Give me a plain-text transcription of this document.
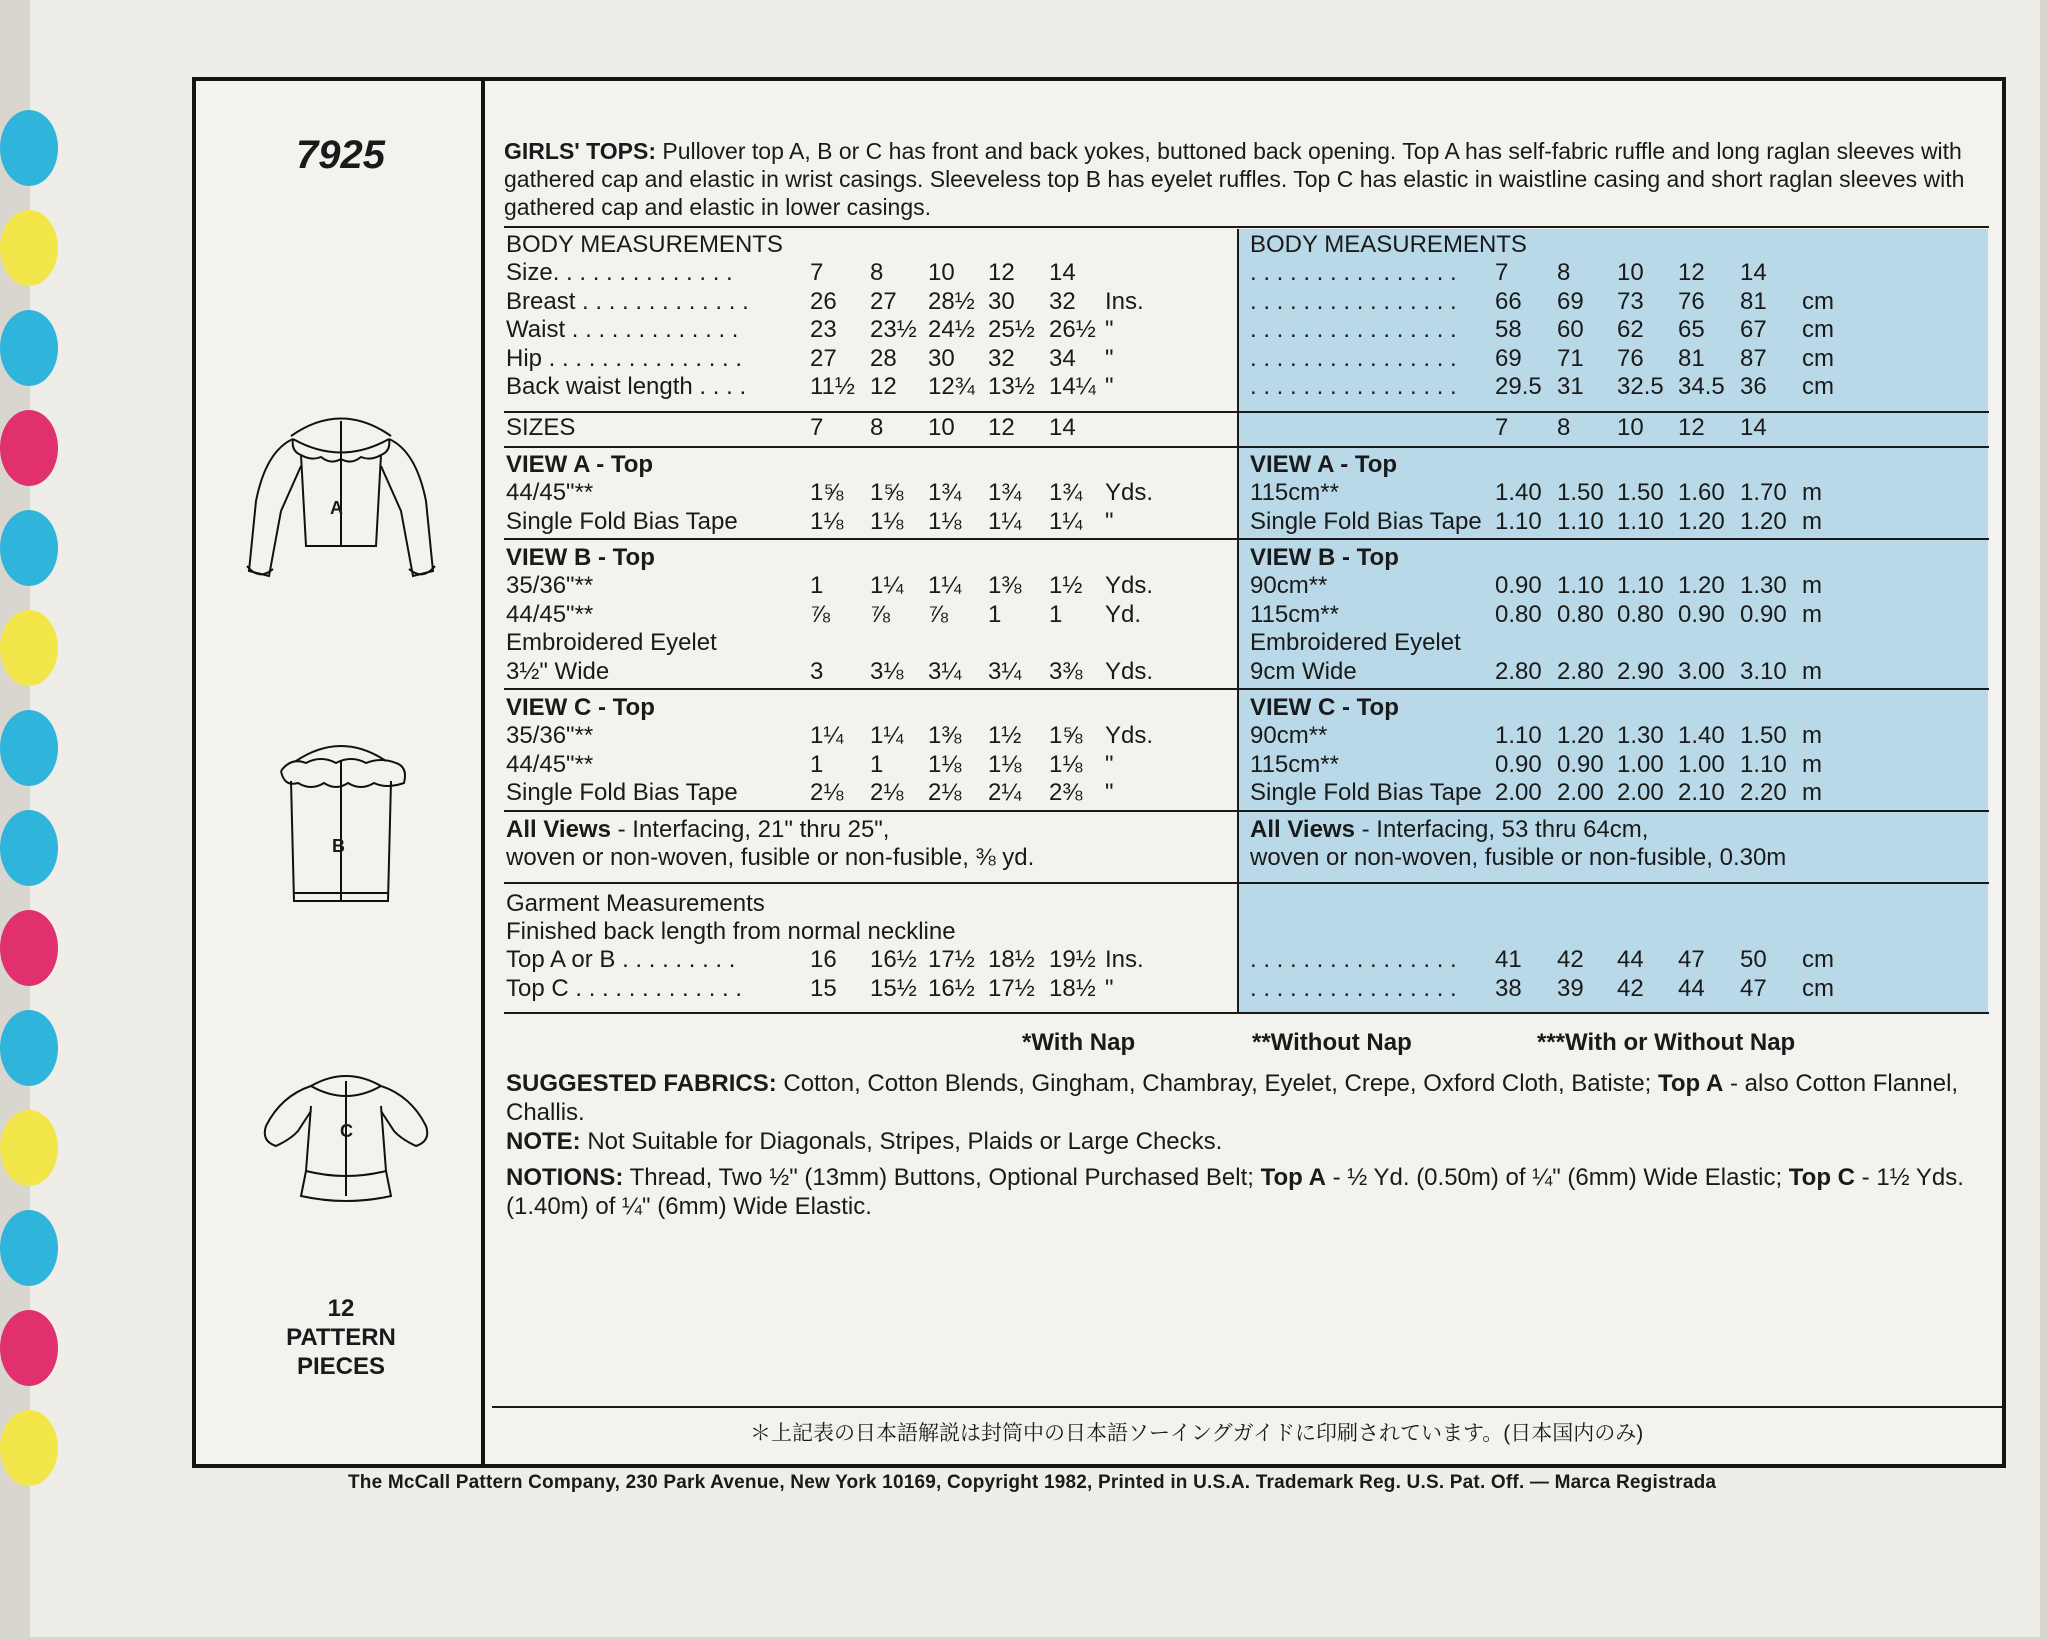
7925
A
B
C
12
PATTERN
PIECES
GIRLS' TOPS: Pullover top A, B or C has front and back yokes, buttoned back opening. Top A has self-fabric ruffle and long raglan sleeves with gathered cap and elastic in wrist casings. Sleeveless top B has eyelet ruffles. Top C has elastic in waistline casing and short raglan sleeves with gathered cap and elastic in lower casings.
BODY MEASUREMENTS	BODY MEASUREMENTS
Size. . . . . . . . . . . . . .	7 8 10 12 14	. . . . . . . . . . . . . . . . 7 8 10 12 14
Breast . . . . . . . . . . . . .	26 27 28½ 30 32 Ins.	. . . . . . . . . . . . . . . . 66 69 73 76 81 cm
Waist . . . . . . . . . . . . .	23 23½ 24½ 25½ 26½ "	. . . . . . . . . . . . . . . . 58 60 62 65 67 cm
Hip . . . . . . . . . . . . . . .	27 28 30 32 34 "	. . . . . . . . . . . . . . . . 69 71 76 81 87 cm
Back waist length . . . .	11½ 12 12¾ 13½ 14¼ "	. . . . . . . . . . . . . . . . 29.5 31 32.5 34.5 36 cm
SIZES	7 8 10 12 14	7 8 10 12 14
VIEW A - Top	VIEW A - Top
44/45"**	1⅝ 1⅝ 1¾ 1¾ 1¾ Yds.	115cm**	1.40 1.50 1.50 1.60 1.70 m
Single Fold Bias Tape	1⅛ 1⅛ 1⅛ 1¼ 1¼ "	Single Fold Bias Tape 1.10 1.10 1.10 1.20 1.20 m
VIEW B - Top	VIEW B - Top
35/36"**	1 1¼ 1¼ 1⅜ 1½ Yds.	90cm**	0.90 1.10 1.10 1.20 1.30 m
44/45"**	⅞ ⅞ ⅞ 1 1 Yd.	115cm**	0.80 0.80 0.80 0.90 0.90 m
Embroidered Eyelet	Embroidered Eyelet
3½" Wide	3 3⅛ 3¼ 3¼ 3⅜ Yds.	9cm Wide	2.80 2.80 2.90 3.00 3.10 m
VIEW C - Top	VIEW C - Top
35/36"**	1¼ 1¼ 1⅜ 1½ 1⅝ Yds.	90cm**	1.10 1.20 1.30 1.40 1.50 m
44/45"**	1 1 1⅛ 1⅛ 1⅛ "	115cm**	0.90 0.90 1.00 1.00 1.10 m
Single Fold Bias Tape	2⅛ 2⅛ 2⅛ 2¼ 2⅜ "	Single Fold Bias Tape 2.00 2.00 2.00 2.10 2.20 m
All Views - Interfacing, 21" thru 25",
woven or non-woven, fusible or non-fusible, ⅜ yd.
All Views - Interfacing, 53 thru 64cm,
woven or non-woven, fusible or non-fusible, 0.30m
Garment Measurements
Finished back length from normal neckline
Top A or B . . . . . . . . .	16 16½ 17½ 18½ 19½ Ins.	. . . . . . . . . . . . . . . . 41 42 44 47 50 cm
Top C . . . . . . . . . . . . .	15 15½ 16½ 17½ 18½ "	. . . . . . . . . . . . . . . . 38 39 42 44 47 cm
*With Nap	**Without Nap	***With or Without Nap
SUGGESTED FABRICS: Cotton, Cotton Blends, Gingham, Chambray, Eyelet, Crepe, Oxford Cloth, Batiste; Top A - also Cotton Flannel, Challis.
NOTE: Not Suitable for Diagonals, Stripes, Plaids or Large Checks.
NOTIONS: Thread, Two ½" (13mm) Buttons, Optional Purchased Belt; Top A - ½ Yd. (0.50m) of ¼" (6mm) Wide Elastic; Top C - 1½ Yds. (1.40m) of ¼" (6mm) Wide Elastic.
＊上記表の日本語解説は封筒中の日本語ソーイングガイドに印刷されています。(日本国内のみ)
The McCall Pattern Company, 230 Park Avenue, New York 10169, Copyright 1982, Printed in U.S.A. Trademark Reg. U.S. Pat. Off. — Marca Registrada
